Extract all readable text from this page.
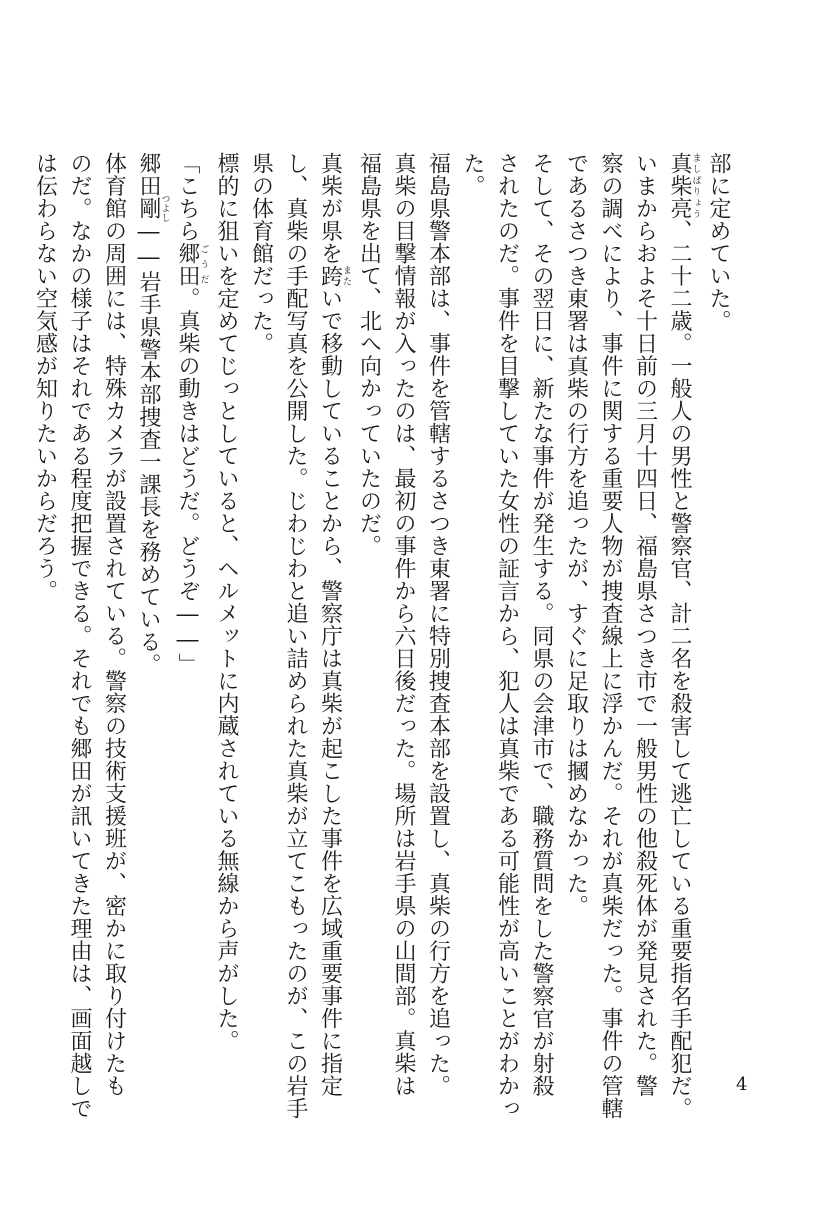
部に定めていた。
真柴亮ましばりょう、二十二歳。一般人の男性と警察官、計二名を殺害して逃亡している重要指名手配犯だ。
いまからおよそ十日前の三月十四日、福島県さつき市で一般男性の他殺死体が発見された。警
察の調べにより、事件に関する重要人物が捜査線上に浮かんだ。それが真柴だった。事件の管轄
であるさつき東署は真柴の行方を追ったが、すぐに足取りは摑めなかった。
そして、その翌日に、新たな事件が発生する。同県の会津市で、職務質問をした警察官が射殺
されたのだ。事件を目撃していた女性の証言から、犯人は真柴である可能性が高いことがわかっ
た。
福島県警本部は、事件を管轄するさつき東署に特別捜査本部を設置し、真柴の行方を追った。
真柴の目撃情報が入ったのは、最初の事件から六日後だった。場所は岩手県の山間部。真柴は
福島県を出て、北へ向かっていたのだ。
真柴が県を跨またいで移動していることから、警察庁は真柴が起こした事件を広域重要事件に指定
し、真柴の手配写真を公開した。じわじわと追い詰められた真柴が立てこもったのが、この岩手
県の体育館だった。
標的に狙いを定めてじっとしていると、ヘルメットに内蔵されている無線から声がした。
「こちら郷田ごうだ。真柴の動きはどうだ。どうぞ――」
郷田剛つよし――岩手県警本部捜査一課長を務めている。
体育館の周囲には、特殊カメラが設置されている。警察の技術支援班が、密かに取り付けたも
のだ。なかの様子はそれである程度把握できる。それでも郷田が訊いてきた理由は、画面越しで
は伝わらない空気感が知りたいからだろう。
4
